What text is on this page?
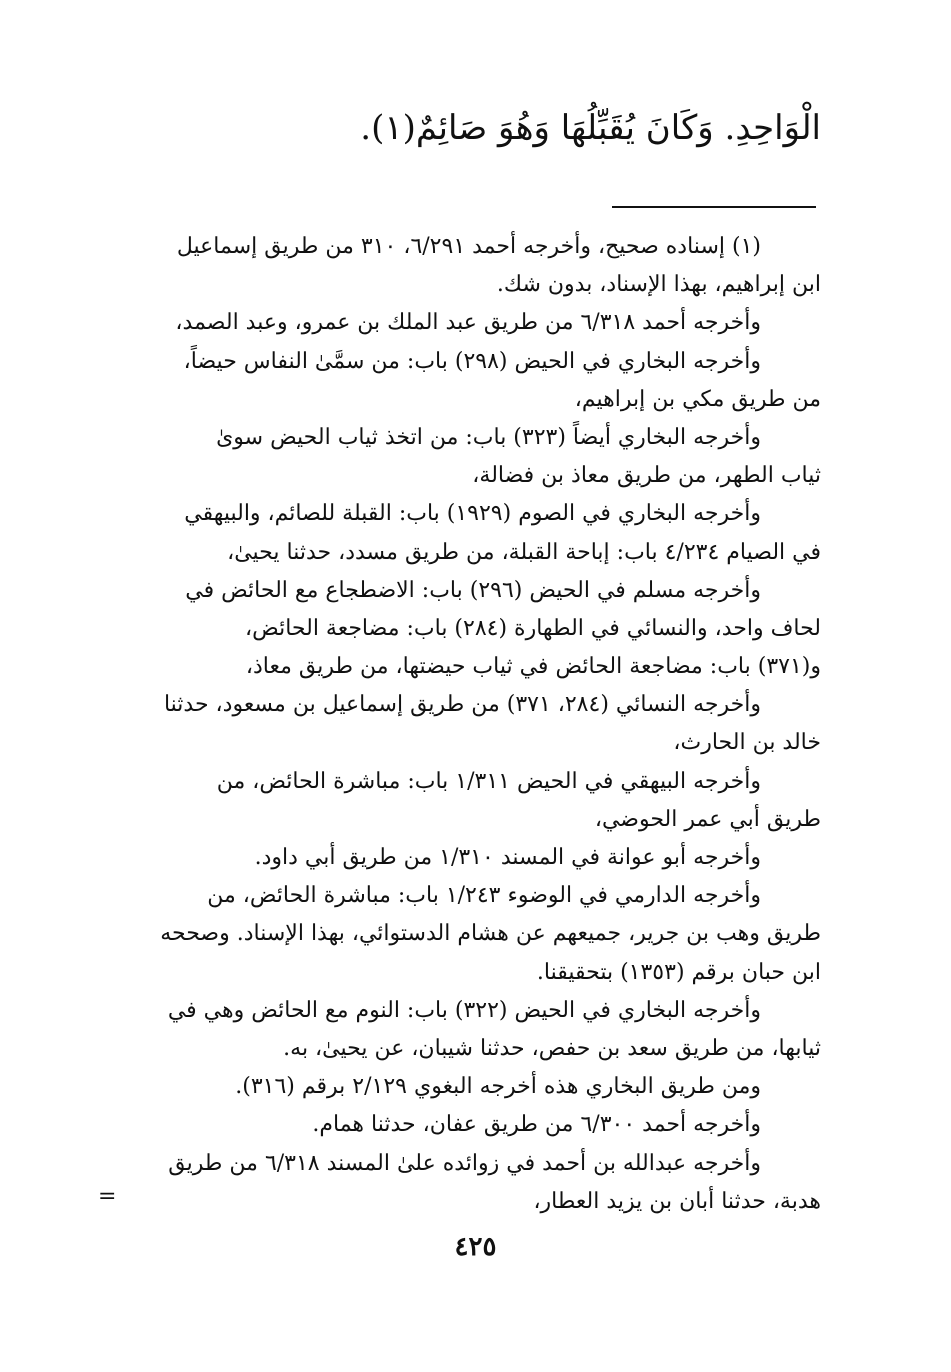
الْوَاحِدِ. وَكَانَ يُقَبِّلُهَا وَهُوَ صَائِمٌ(١).
(١) إسناده صحيح، وأخرجه أحمد ٦/٢٩١، ٣١٠ من طريق إسماعيل
ابن إبراهيم، بهذا الإسناد، بدون شك.
وأخرجه أحمد ٦/٣١٨ من طريق عبد الملك بن عمرو، وعبد الصمد،
وأخرجه البخاري في الحيض (٢٩٨) باب: من سمَّىٰ النفاس حيضاً،
من طريق مكي بن إبراهيم،
وأخرجه البخاري أيضاً (٣٢٣) باب: من اتخذ ثياب الحيض سوىٰ
ثياب الطهر، من طريق معاذ بن فضالة،
وأخرجه البخاري في الصوم (١٩٢٩) باب: القبلة للصائم، والبيهقي
في الصيام ٤/٢٣٤ باب: إباحة القبلة، من طريق مسدد، حدثنا يحيىٰ،
وأخرجه مسلم في الحيض (٢٩٦) باب: الاضطجاع مع الحائض في
لحاف واحد، والنسائي في الطهارة (٢٨٤) باب: مضاجعة الحائض،
و(٣٧١) باب: مضاجعة الحائض في ثياب حيضتها، من طريق معاذ،
وأخرجه النسائي (٢٨٤، ٣٧١) من طريق إسماعيل بن مسعود، حدثنا
خالد بن الحارث،
وأخرجه البيهقي في الحيض ١/٣١١ باب: مباشرة الحائض، من
طريق أبي عمر الحوضي،
وأخرجه أبو عوانة في المسند ١/٣١٠ من طريق أبي داود.
وأخرجه الدارمي في الوضوء ١/٢٤٣ باب: مباشرة الحائض، من
طريق وهب بن جرير، جميعهم عن هشام الدستوائي، بهذا الإسناد. وصححه
ابن حبان برقم (١٣٥٣) بتحقيقنا.
وأخرجه البخاري في الحيض (٣٢٢) باب: النوم مع الحائض وهي في
ثيابها، من طريق سعد بن حفص، حدثنا شيبان، عن يحيىٰ، به.
ومن طريق البخاري هذه أخرجه البغوي ٢/١٢٩ برقم (٣١٦).
وأخرجه أحمد ٦/٣٠٠ من طريق عفان، حدثنا همام.
وأخرجه عبدالله بن أحمد في زوائده علىٰ المسند ٦/٣١٨ من طريق
هدبة، حدثنا أبان بن يزيد العطار،
=
٤٢٥
